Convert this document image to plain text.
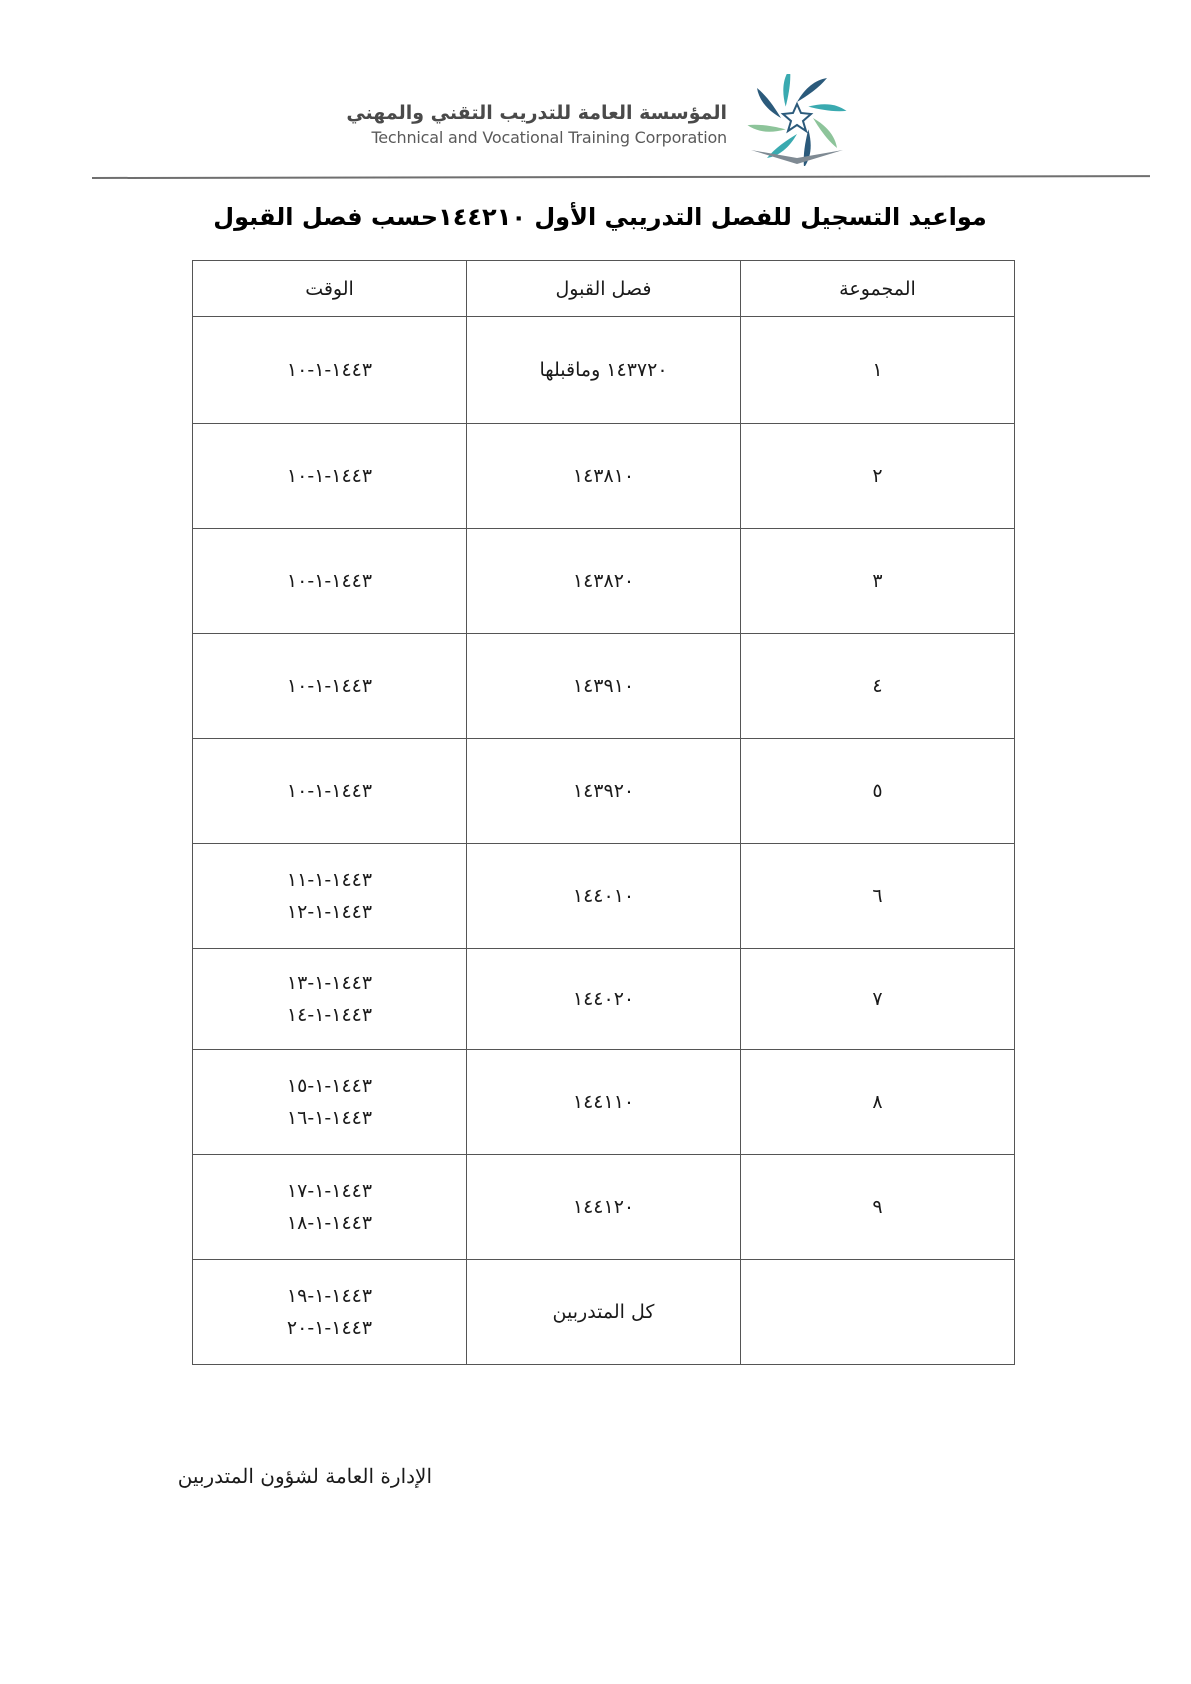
المؤسسة العامة للتدريب التقني والمهني
Technical and Vocational Training Corporation
مواعيد التسجيل للفصل التدريبي الأول ١٤٤٢١٠حسب فصل القبول
المجموعة	فصل القبول	الوقت
١	١٤٣٧٢٠ وماقبلها	١٤٤٣-١-١٠

٢	١٤٣٨١٠	١٤٤٣-١-١٠

٣	١٤٣٨٢٠	١٤٤٣-١-١٠

٤	١٤٣٩١٠	١٤٤٣-١-١٠

٥	١٤٣٩٢٠	١٤٤٣-١-١٠

٦	١٤٤٠١٠	١٤٤٣-١-١١
١٤٤٣-١-١٢

٧	١٤٤٠٢٠	١٤٤٣-١-١٣
١٤٤٣-١-١٤

٨	١٤٤١١٠	١٤٤٣-١-١٥
١٤٤٣-١-١٦

٩	١٤٤١٢٠	١٤٤٣-١-١٧
١٤٤٣-١-١٨

	كل المتدربين	١٤٤٣-١-١٩
١٤٤٣-١-٢٠
الإدارة العامة لشؤون المتدربين
